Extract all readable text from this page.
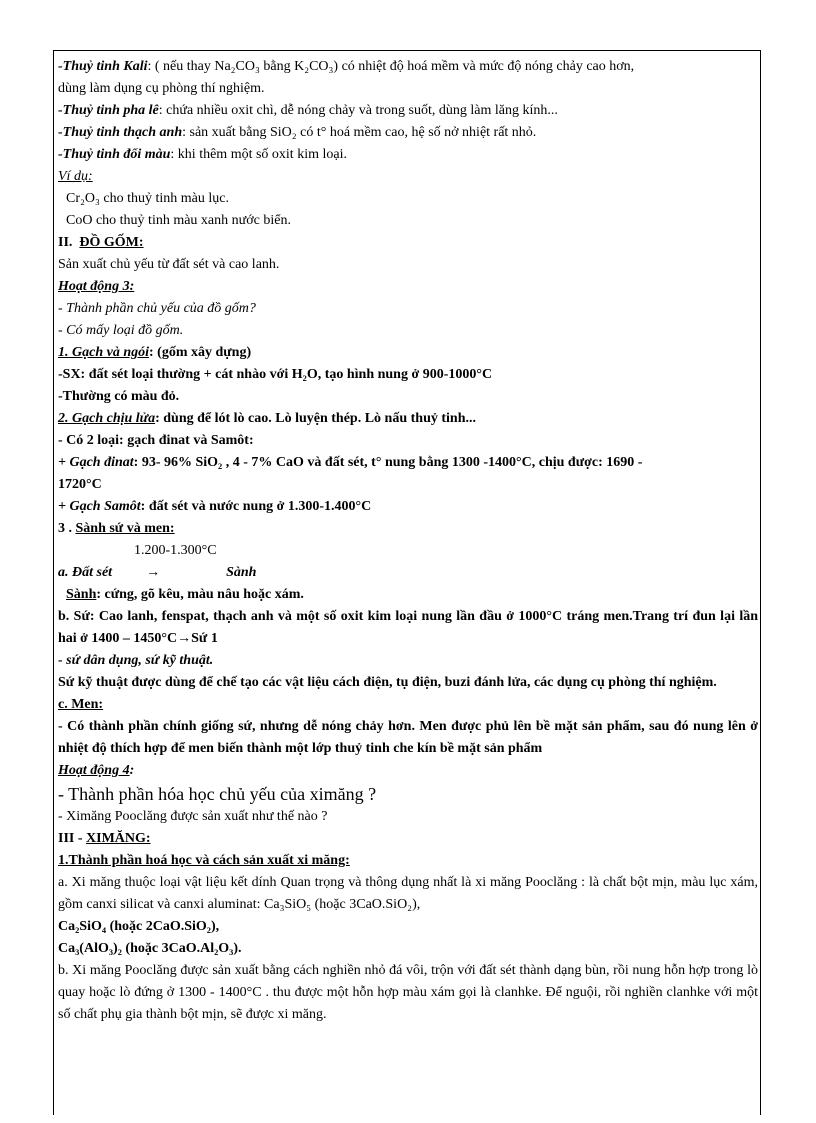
-Thuỷ tinh Kali: ( nếu thay Na₂CO₃ bằng K₂CO₃) có nhiệt độ hoá mềm và mức độ nóng chảy cao hơn,
dùng làm dụng cụ phòng thí nghiệm.
-Thuỷ tinh pha lê: chứa nhiều oxit chì, dễ nóng chảy và trong suốt, dùng làm lăng kính...
-Thuỷ tinh thạch anh: sản xuất bằng SiO₂ có t° hoá mềm cao, hệ số nở nhiệt rất nhỏ.
-Thuỷ tinh đổi màu: khi thêm một số oxit kim loại.
Ví dụ:
Cr₂O₃ cho thuỷ tinh màu lục.
CoO cho thuỷ tinh màu xanh nước biển.
II. ĐỒ GỐM:
Sản xuất chủ yếu từ đất sét và cao lanh.
Hoạt động 3:
- Thành phần chủ yếu của đồ gốm?
- Có mấy loại đồ gốm.
1. Gạch và ngói: (gốm xây dựng)
-SX: đất sét loại thường + cát nhào với H₂O, tạo hình nung ở 900-1000°C
-Thường có màu đỏ.
2. Gạch chịu lửa: dùng để lót lò cao. Lò luyện thép. Lò nấu thuỷ tinh...
- Có 2 loại: gạch đinat và Samôt:
+ Gạch đinat: 93- 96% SiO₂ , 4 - 7% CaO và đất sét, t° nung bằng 1300 -1400°C, chịu được: 1690 -
1720°C
+ Gạch Samôt: đất sét và nước nung ở 1.300-1.400°C
3 . Sành sứ và men:
1.200-1.300°C
a. Đất sét →	Sành
Sành: cứng, gõ kêu, màu nâu hoặc xám.
b. Sứ: Cao lanh, fenspat, thạch anh và một số oxit kim loại nung lần đầu ở 1000°C tráng men.Trang trí đun lại lần hai ở 1400 – 1450°C→Sứ 1
- sứ dân dụng, sứ kỹ thuật.
Sứ kỹ thuật được dùng để chế tạo các vật liệu cách điện, tụ điện, buzi đánh lửa, các dụng cụ phòng thí nghiệm.
c. Men:
- Có thành phần chính giống sứ, nhưng dễ nóng chảy hơn. Men được phủ lên bề mặt sản phẩm, sau đó nung lên ở nhiệt độ thích hợp để men biến thành một lớp thuỷ tinh che kín bề mặt sản phẩm
Hoạt động 4:
- Thành phần hóa học chủ yếu của ximăng ?
- Ximăng Pooclăng được sản xuất như thế nào ?
III - XIMĂNG:
1.Thành phần hoá học và cách sản xuất xi măng:
a. Xi măng thuộc loại vật liệu kết dính Quan trọng và thông dụng nhất là xi măng Pooclăng : là chất bột mịn, màu lục xám, gồm canxi silicat và canxi aluminat: Ca₃SiO₅ (hoặc 3CaO.SiO₂),
Ca₂SiO₄ (hoặc 2CaO.SiO₂),
Ca₃(AlO₃)₂ (hoặc 3CaO.Al₂O₃).
b. Xi măng Pooclăng được sản xuất bằng cách nghiền nhỏ đá vôi, trộn với đất sét thành dạng bùn, rồi nung hỗn hợp trong lò quay hoặc lò đứng ở 1300 - 1400°C . thu được một hỗn hợp màu xám gọi là clanhke. Để nguội, rồi nghiền clanhke với một số chất phụ gia thành bột mịn, sẽ được xi măng.
